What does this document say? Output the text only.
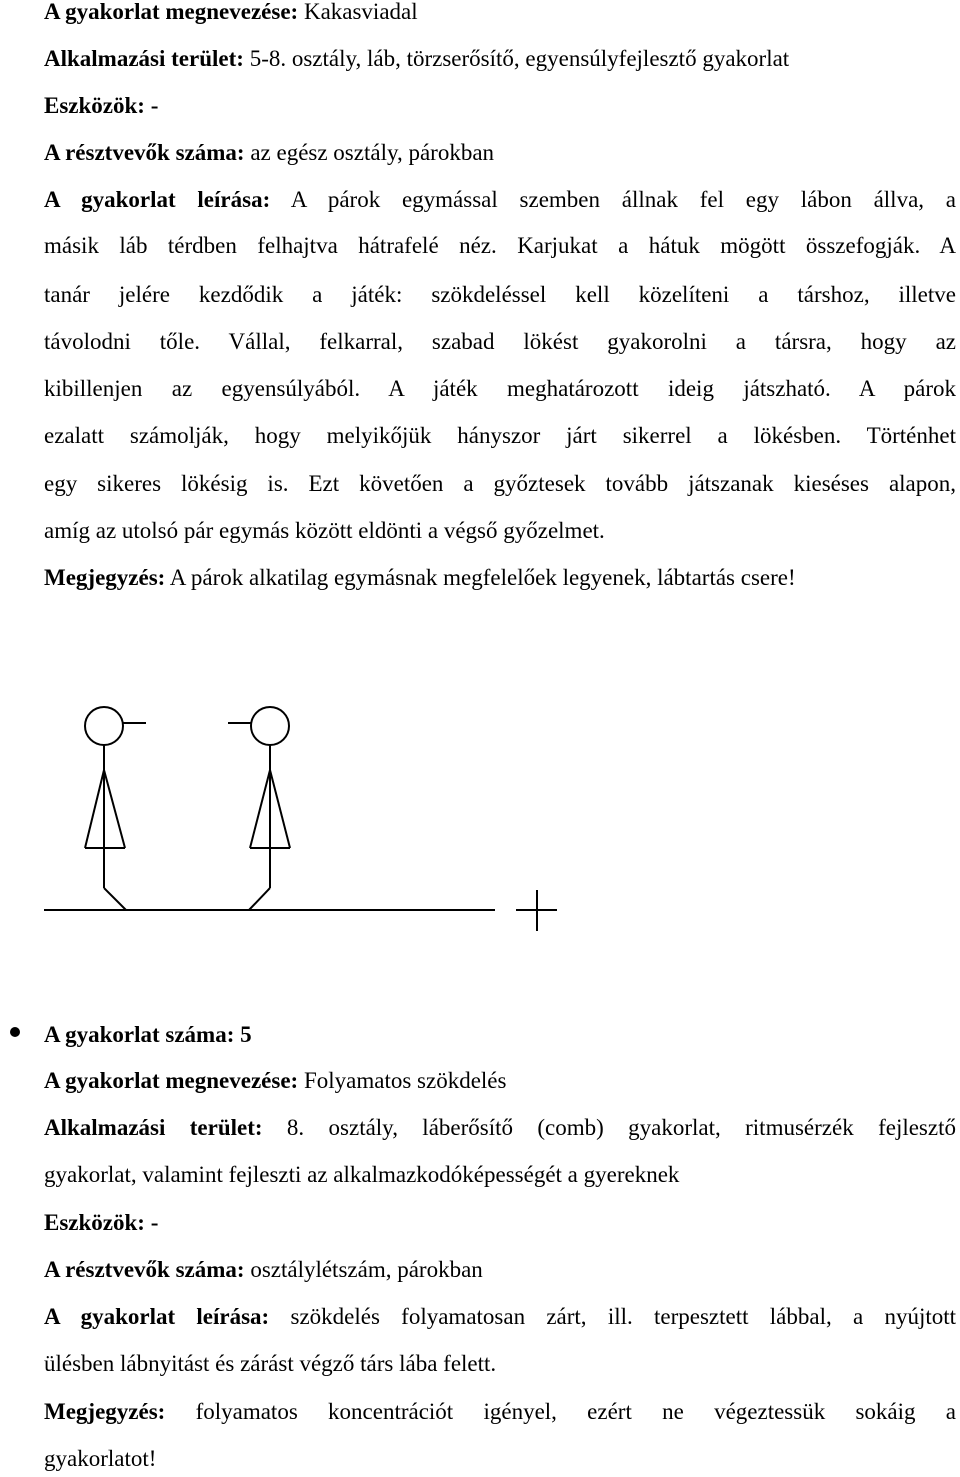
A gyakorlat megnevezése: Kakasviadal
Alkalmazási terület: 5-8. osztály, láb, törzserősítő, egyensúlyfejlesztő gyakorlat
Eszközök: -
A résztvevők száma: az egész osztály, párokban
A gyakorlat leírása: A párok egymással szemben állnak fel egy lábon állva, a
másik láb térdben felhajtva hátrafelé néz. Karjukat a hátuk mögött összefogják. A
tanár jelére kezdődik a játék: szökdeléssel kell közelíteni a társhoz, illetve
távolodni tőle. Vállal, felkarral, szabad lökést gyakorolni a társra, hogy az
kibillenjen az egyensúlyából. A játék meghatározott ideig játszható. A párok
ezalatt számolják, hogy melyikőjük hányszor járt sikerrel a lökésben. Történhet
egy sikeres lökésig is. Ezt követően a győztesek tovább játszanak kieséses alapon,
amíg az utolsó pár egymás között eldönti a végső győzelmet.
Megjegyzés: A párok alkatilag egymásnak megfelelőek legyenek, lábtartás csere!
A gyakorlat száma: 5
A gyakorlat megnevezése: Folyamatos szökdelés
Alkalmazási terület: 8. osztály, láberősítő (comb) gyakorlat, ritmusérzék fejlesztő
gyakorlat, valamint fejleszti az alkalmazkodóképességét a gyereknek
Eszközök: -
A résztvevők száma: osztálylétszám, párokban
A gyakorlat leírása: szökdelés folyamatosan zárt, ill. terpesztett lábbal, a nyújtott
ülésben lábnyitást és zárást végző társ lába felett.
Megjegyzés: folyamatos koncentrációt igényel, ezért ne végeztessük sokáig a
gyakorlatot!
